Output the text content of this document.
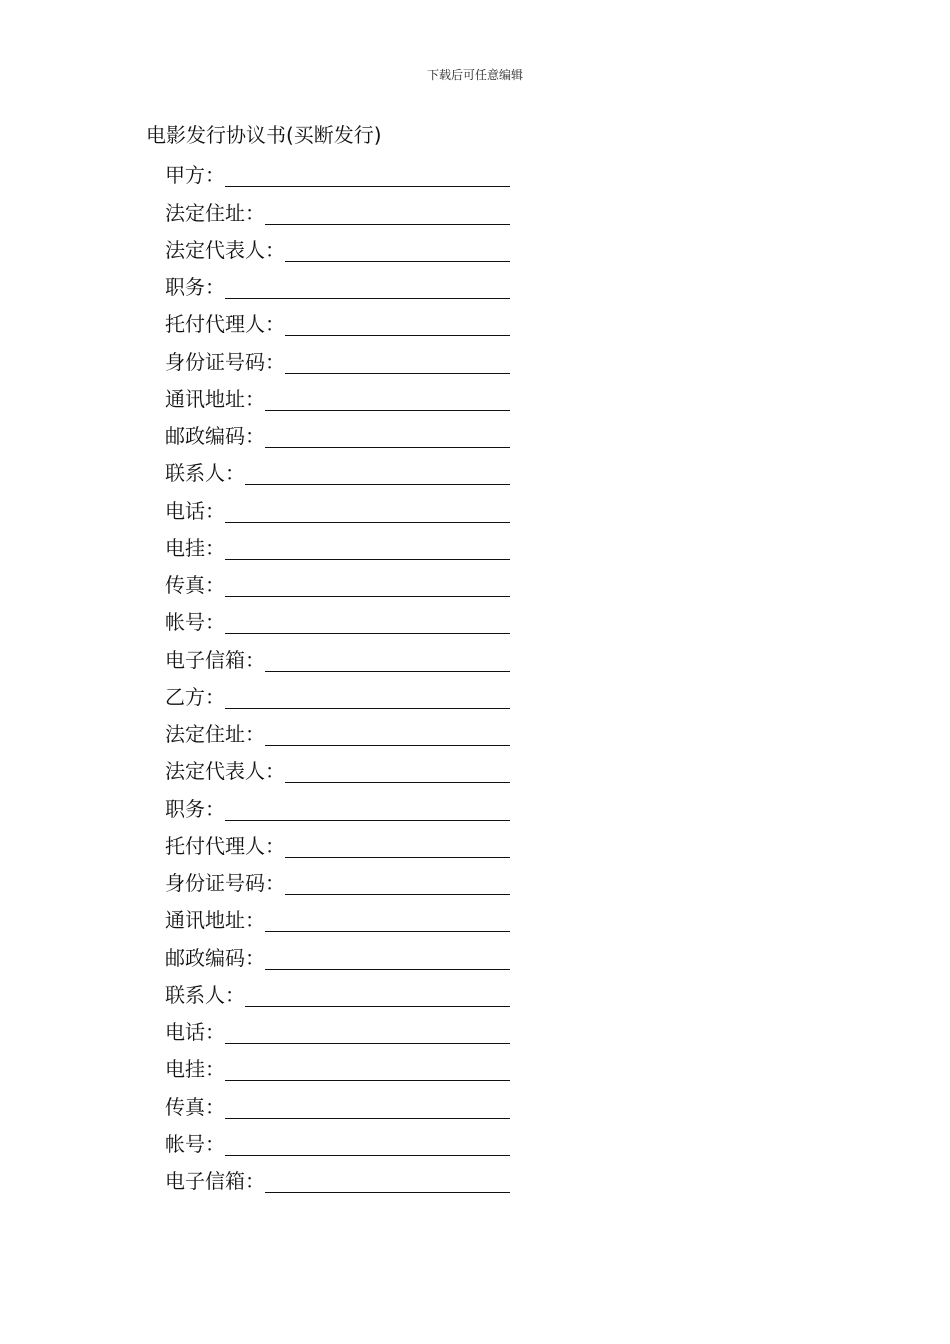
下载后可任意编辑
电影发行协议书(买断发行)
甲方：
法定住址：
法定代表人：
职务：
托付代理人：
身份证号码：
通讯地址：
邮政编码：
联系人：
电话：
电挂：
传真：
帐号：
电子信箱：
乙方：
法定住址：
法定代表人：
职务：
托付代理人：
身份证号码：
通讯地址：
邮政编码：
联系人：
电话：
电挂：
传真：
帐号：
电子信箱：
